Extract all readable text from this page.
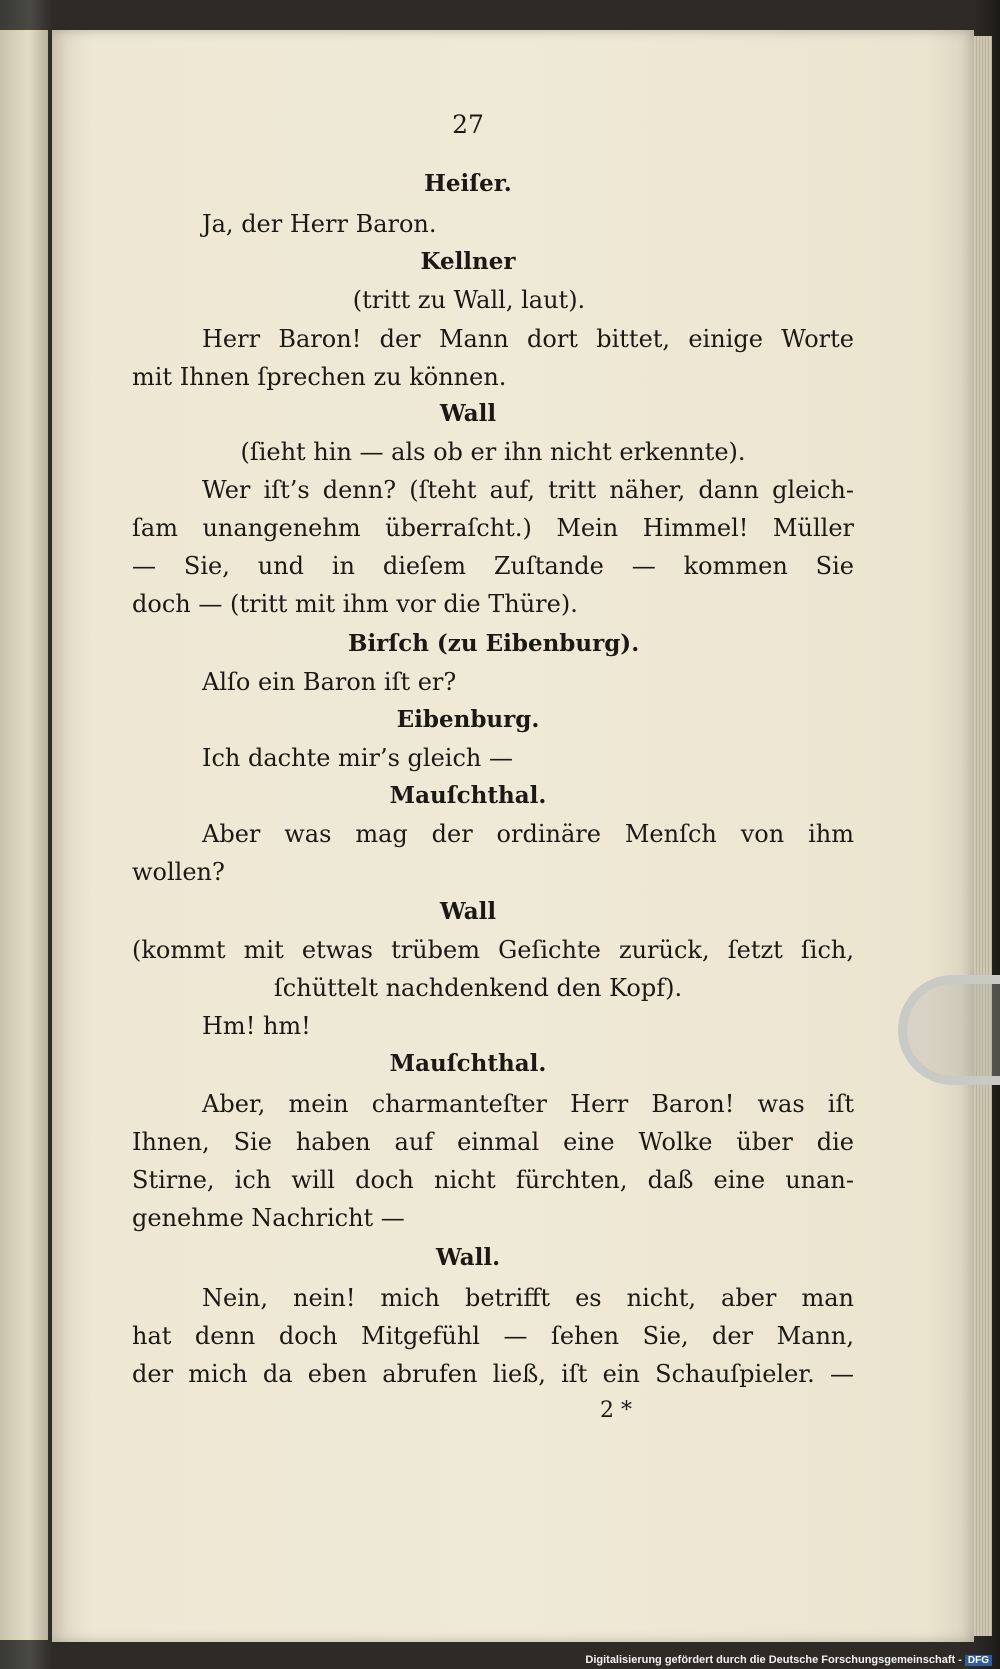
27
Heiſer.
Ja, der Herr Baron.
Kellner
(tritt zu Wall, laut).
Herr Baron! der Mann dort bittet, einige Worte
mit Ihnen ſprechen zu können.
Wall
(ſieht hin — als ob er ihn nicht erkennte).
Wer iſt’s denn? (ſteht auf, tritt näher, dann gleich-
ſam unangenehm überraſcht.) Mein Himmel! Müller
— Sie, und in dieſem Zuſtande — kommen Sie
doch — (tritt mit ihm vor die Thüre).
Birſch (zu Eibenburg).
Alſo ein Baron iſt er?
Eibenburg.
Ich dachte mir’s gleich —
Mauſchthal.
Aber was mag der ordinäre Menſch von ihm
wollen?
Wall
(kommt mit etwas trübem Geſichte zurück, ſetzt ſich,
ſchüttelt nachdenkend den Kopf).
Hm! hm!
Mauſchthal.
Aber, mein charmanteſter Herr Baron! was iſt
Ihnen, Sie haben auf einmal eine Wolke über die
Stirne, ich will doch nicht fürchten, daß eine unan-
genehme Nachricht —
Wall.
Nein, nein! mich betrifft es nicht, aber man
hat denn doch Mitgefühl — ſehen Sie, der Mann,
der mich da eben abrufen ließ, iſt ein Schauſpieler. —
2 *
Digitalisierung gefördert durch die Deutsche Forschungsgemeinschaft - DFG
